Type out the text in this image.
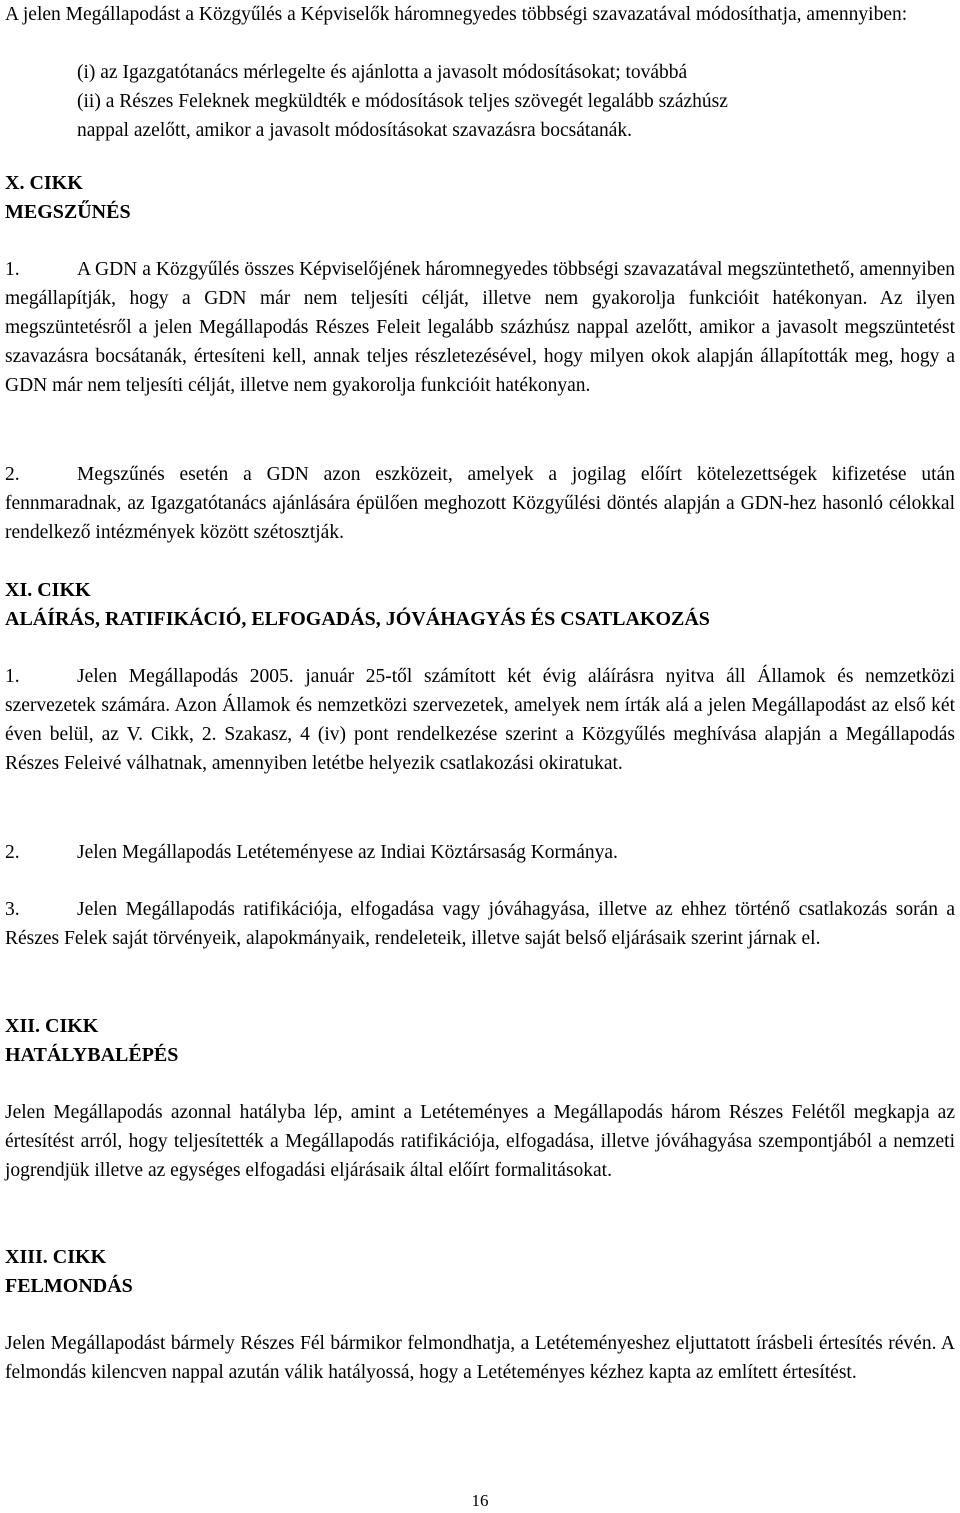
A jelen Megállapodást a Közgyűlés a Képviselők háromnegyedes többségi szavazatával módosíthatja, amennyiben:

(i) az Igazgatótanács mérlegelte és ajánlotta a javasolt módosításokat; továbbá

(ii) a Részes Feleknek megküldték e módosítások teljes szövegét legalább százhúsz

nappal azelőtt, amikor a javasolt módosításokat szavazásra bocsátanák.

X. CIKK

MEGSZŰNÉS

1.	A GDN a Közgyűlés összes Képviselőjének háromnegyedes többségi szavazatával megszüntethető, amennyiben megállapítják, hogy a GDN már nem teljesíti célját, illetve nem gyakorolja funkcióit hatékonyan. Az ilyen megszüntetésről a jelen Megállapodás Részes Feleit legalább százhúsz nappal azelőtt, amikor a javasolt megszüntetést szavazásra bocsátanák, értesíteni kell, annak teljes részletezésével, hogy milyen okok alapján állapították meg, hogy a GDN már nem teljesíti célját, illetve nem gyakorolja funkcióit hatékonyan.

2.	Megszűnés esetén a GDN azon eszközeit, amelyek a jogilag előírt kötelezettségek kifizetése után fennmaradnak, az Igazgatótanács ajánlására épülően meghozott Közgyűlési döntés alapján a GDN-hez hasonló célokkal rendelkező intézmények között szétosztják.

XI. CIKK

ALÁÍRÁS, RATIFIKÁCIÓ, ELFOGADÁS, JÓVÁHAGYÁS ÉS CSATLAKOZÁS

1.	Jelen Megállapodás 2005. január 25-től számított két évig aláírásra nyitva áll Államok és nemzetközi szervezetek számára. Azon Államok és nemzetközi szervezetek, amelyek nem írták alá a jelen Megállapodást az első két éven belül, az V. Cikk, 2. Szakasz, 4 (iv) pont rendelkezése szerint a Közgyűlés meghívása alapján a Megállapodás Részes Feleivé válhatnak, amennyiben letétbe helyezik csatlakozási okiratukat.

2.	Jelen Megállapodás Letéteményese az Indiai Köztársaság Kormánya.

3.	Jelen Megállapodás ratifikációja, elfogadása vagy jóváhagyása, illetve az ehhez történő csatlakozás során a Részes Felek saját törvényeik, alapokmányaik, rendeleteik, illetve saját belső eljárásaik szerint járnak el.

XII. CIKK

HATÁLYBALÉPÉS

Jelen Megállapodás azonnal hatályba lép, amint a Letéteményes a Megállapodás három Részes Felétől megkapja az értesítést arról, hogy teljesítették a Megállapodás ratifikációja, elfogadása, illetve jóváhagyása szempontjából a nemzeti jogrendjük illetve az egységes elfogadási eljárásaik által előírt formalitásokat.

XIII. CIKK

FELMONDÁS

Jelen Megállapodást bármely Részes Fél bármikor felmondhatja, a Letéteményeshez eljuttatott írásbeli értesítés révén. A felmondás kilencven nappal azután válik hatályossá, hogy a Letéteményes kézhez kapta az említett értesítést.

16
